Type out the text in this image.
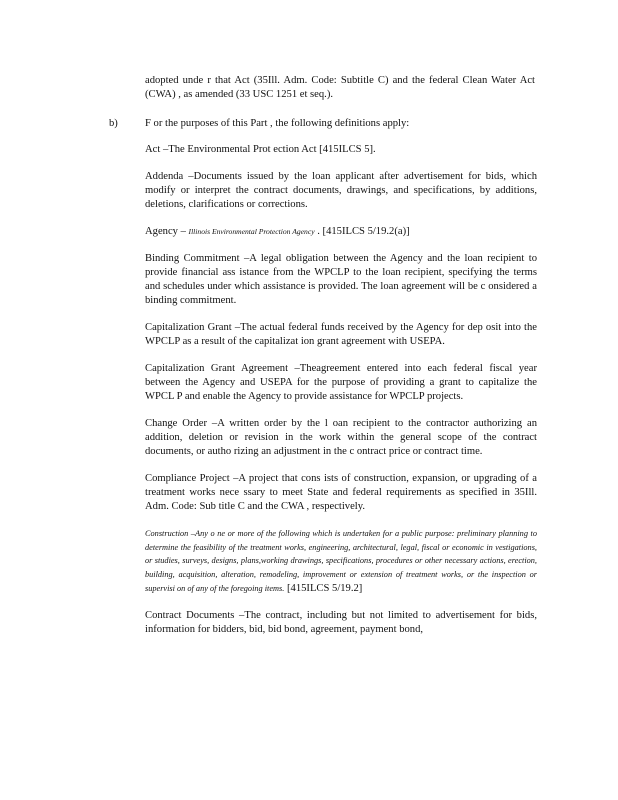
adopted unde r that Act (35Ill. Adm. Code: Subtitle C) and the federal Clean Water Act (CWA) , as amended (33 USC 1251 et seq.).
b)	F or the purposes of this Part , the following definitions apply:
Act –The Environmental Prot ection Act [415ILCS 5].
Addenda –Documents issued by the loan applicant after advertisement for bids, which modify or interpret the contract documents, drawings, and specifications, by additions, deletions, clarifications or corrections.
Agency – Illinois Environmental Protection Agency . [415ILCS 5/19.2(a)]
Binding Commitment –A legal obligation between the Agency and the loan recipient to provide financial ass istance from the WPCLP to the loan recipient, specifying the terms and schedules under which assistance is provided. The loan agreement will be c onsidered a binding commitment.
Capitalization Grant –The actual federal funds received by the Agency for dep osit into the WPCLP as a result of the capitalizat ion grant agreement with USEPA.
Capitalization Grant Agreement –Theagreement entered into each federal fiscal year between the Agency and USEPA for the purpose of providing a grant to capitalize the WPCL P and enable the Agency to provide assistance for WPCLP projects.
Change Order –A written order by the l oan recipient to the contractor authorizing an addition, deletion or revision in the work within the general scope of the contract documents, or autho rizing an adjustment in the c ontract price or contract time.
Compliance Project –A project that cons ists of construction, expansion, or upgrading of a treatment works nece ssary to meet State and federal requirements as specified in 35Ill. Adm. Code: Sub title C and the CWA , respectively.
Construction –Any o ne or more of the following which is undertaken for a public purpose: preliminary planning to determine the feasibility of the treatment works, engineering, architectural, legal, fiscal or economic in vestigations, or studies, surveys, designs, plans,working drawings, specifications, procedures or other necessary actions, erection, building, acquisition, alteration, remodeling, improvement or extension of treatment works, or the inspection or supervisi on of any of the foregoing items. [415ILCS 5/19.2]
Contract Documents –The contract, including but not limited to advertisement for bids, information for bidders, bid, bid bond, agreement, payment bond,
